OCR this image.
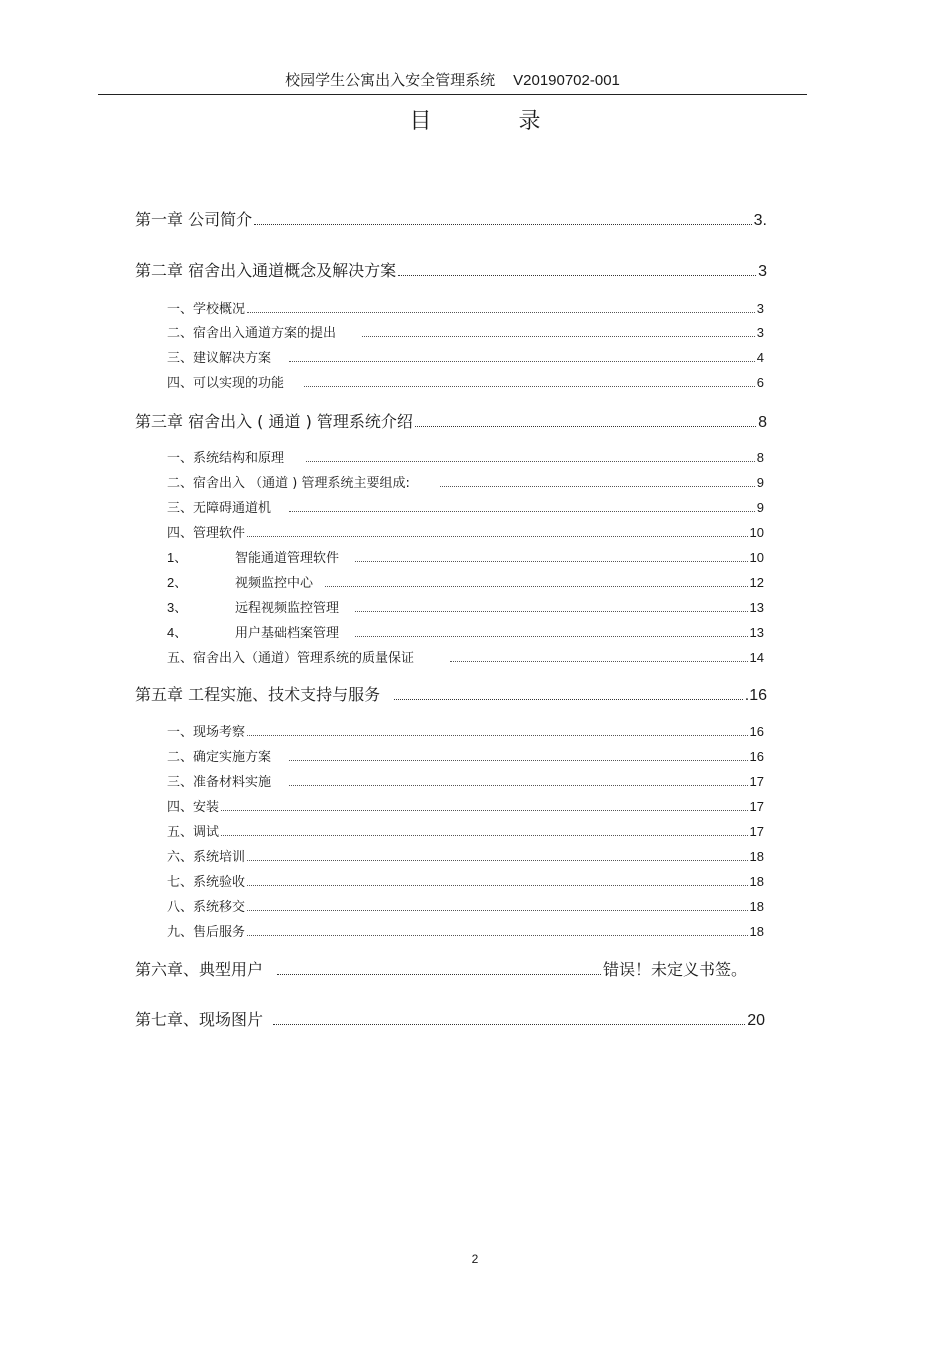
校园学生公寓出入安全管理系统 V20190702-001
目 录
第一章 公司简介	3.
第二章 宿舍出入通道概念及解决方案	3
一、学校概况	3
二、宿舍出入通道方案的提出	3
三、建议解决方案	4
四、可以实现的功能	6
第三章 宿舍出入 ( 通道 ) 管理系统介绍	8
一、系统结构和原理	8
二、宿舍出入 （通道 ) 管理系统主要组成:	9
三、无障碍通道机	9
四、管理软件	10
1、	智能通道管理软件	10
2、	视频监控中心	12
3、	远程视频监控管理	13
4、	用户基础档案管理	13
五、宿舍出入（通道）管理系统的质量保证	14
第五章 工程实施、技术支持与服务	.16
一、现场考察	16
二、确定实施方案	16
三、准备材料实施	17
四、安装	17
五、调试	17
六、系统培训	18
七、系统验收	18
八、系统移交	18
九、售后服务	18
第六章、典型用户	错误！未定义书签。
第七章、现场图片	20
2
